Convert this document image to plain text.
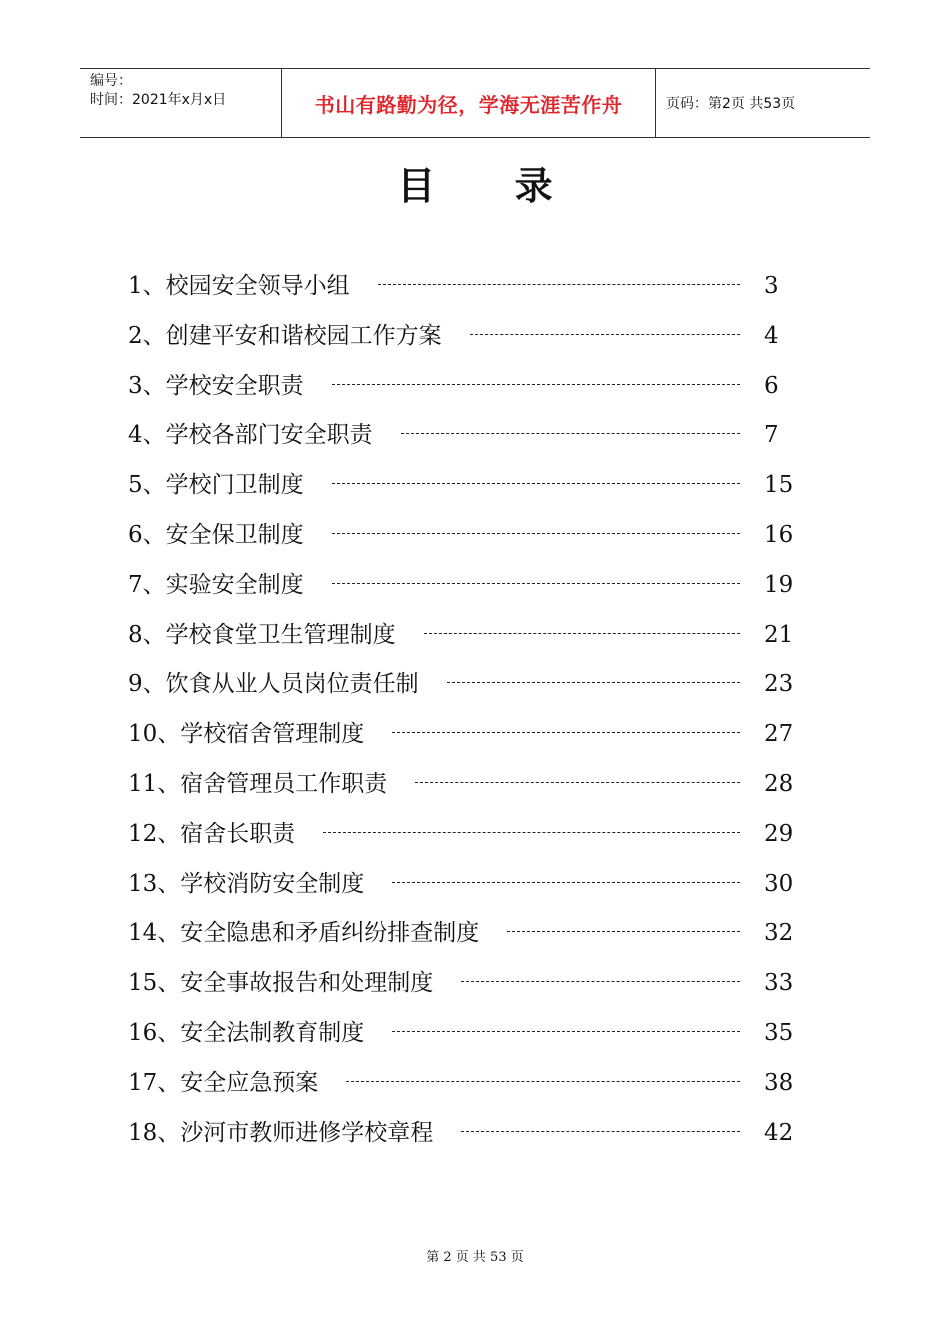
编号：
时间：2021年x月x日	书山有路勤为径，学海无涯苦作舟	页码：第2页 共53页
目      录
1、校园安全领导小组	3
2、创建平安和谐校园工作方案	4
3、学校安全职责	6
4、学校各部门安全职责	7
5、学校门卫制度	15
6、安全保卫制度	16
7、实验安全制度	19
8、学校食堂卫生管理制度	21
9、饮食从业人员岗位责任制	23
10、学校宿舍管理制度	27
11、宿舍管理员工作职责	28
12、宿舍长职责	29
13、学校消防安全制度	30
14、安全隐患和矛盾纠纷排查制度	32
15、安全事故报告和处理制度	33
16、安全法制教育制度	35
17、安全应急预案	38
18、沙河市教师进修学校章程	42
第 2 页 共 53 页
